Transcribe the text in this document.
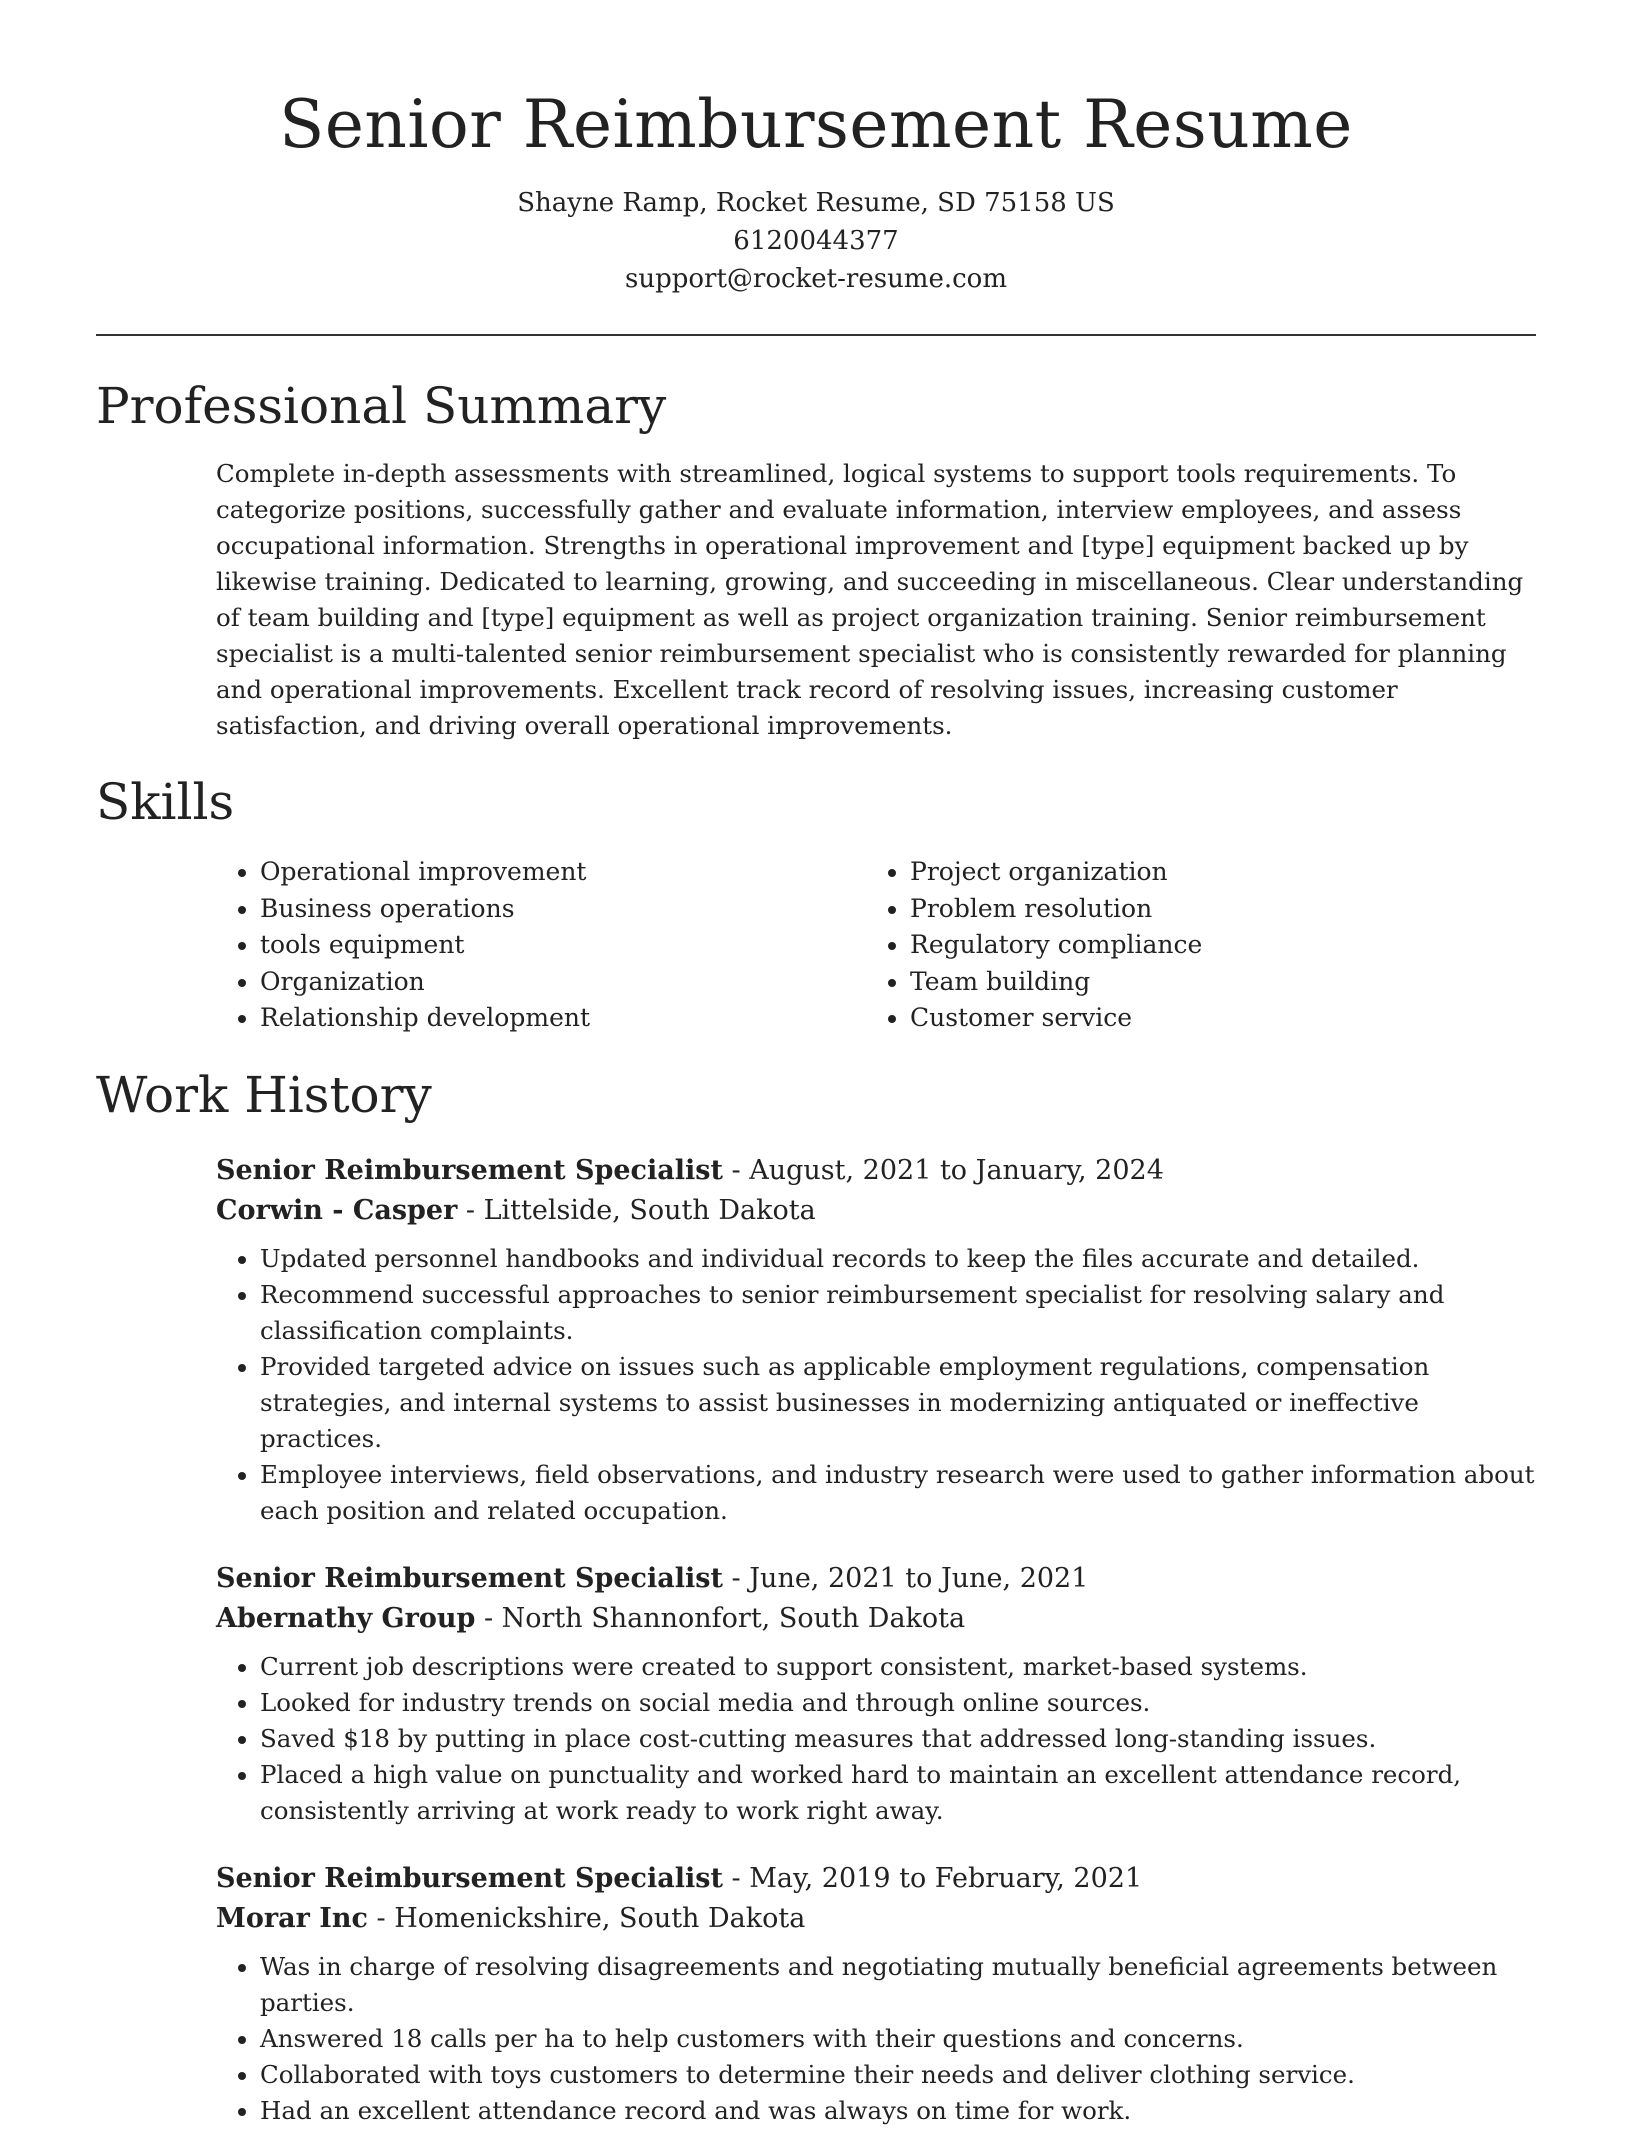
Senior Reimbursement Resume
Shayne Ramp, Rocket Resume, SD 75158 US
6120044377
support@rocket-resume.com
Professional Summary

Complete in-depth assessments with streamlined, logical systems to support tools requirements. To categorize positions, successfully gather and evaluate information, interview employees, and assess occupational information. Strengths in operational improvement and [type] equipment backed up by likewise training. Dedicated to learning, growing, and succeeding in miscellaneous. Clear understanding of team building and [type] equipment as well as project organization training. Senior reimbursement specialist is a multi-talented senior reimbursement specialist who is consistently rewarded for planning and operational improvements. Excellent track record of resolving issues, increasing customer satisfaction, and driving overall operational improvements.

Skills
• Operational improvement
• Business operations
• tools equipment
• Organization
• Relationship development
• Project organization
• Problem resolution
• Regulatory compliance
• Team building
• Customer service
Work History
Senior Reimbursement Specialist - August, 2021 to January, 2024
Corwin - Casper - Littelside, South Dakota
• Updated personnel handbooks and individual records to keep the files accurate and detailed.
• Recommend successful approaches to senior reimbursement specialist for resolving salary and classification complaints.
• Provided targeted advice on issues such as applicable employment regulations, compensation strategies, and internal systems to assist businesses in modernizing antiquated or ineffective practices.
• Employee interviews, field observations, and industry research were used to gather information about each position and related occupation.
Senior Reimbursement Specialist - June, 2021 to June, 2021
Abernathy Group - North Shannonfort, South Dakota
• Current job descriptions were created to support consistent, market-based systems.
• Looked for industry trends on social media and through online sources.
• Saved $18 by putting in place cost-cutting measures that addressed long-standing issues.
• Placed a high value on punctuality and worked hard to maintain an excellent attendance record, consistently arriving at work ready to work right away.
Senior Reimbursement Specialist - May, 2019 to February, 2021
Morar Inc - Homenickshire, South Dakota
• Was in charge of resolving disagreements and negotiating mutually beneficial agreements between parties.
• Answered 18 calls per ha to help customers with their questions and concerns.
• Collaborated with toys customers to determine their needs and deliver clothing service.
• Had an excellent attendance record and was always on time for work.
